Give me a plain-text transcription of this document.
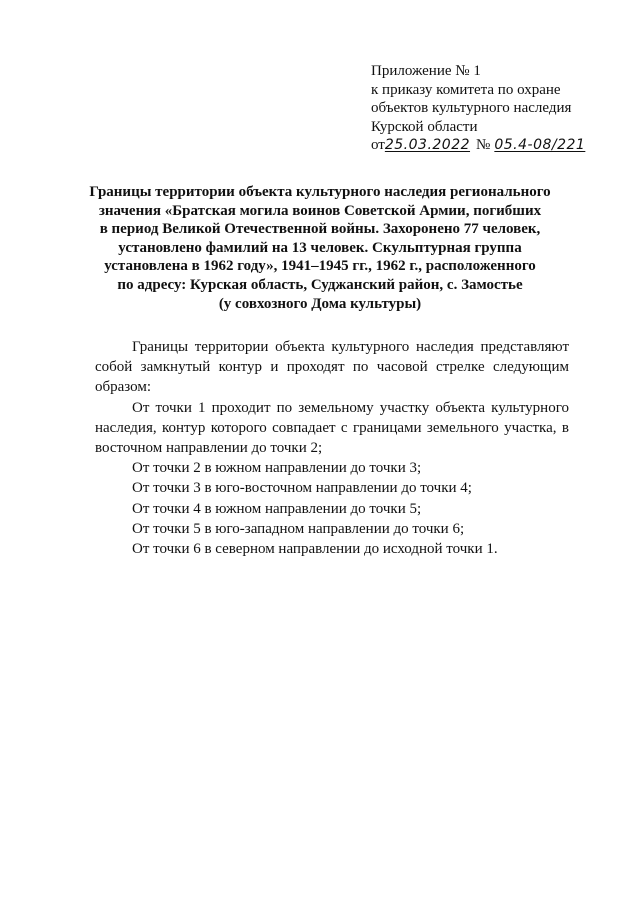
Приложение № 1
к приказу комитета по охране
объектов культурного наследия
Курской области
от25.03.2022 № 05.4-08/221
Границы территории объекта культурного наследия регионального
значения «Братская могила воинов Советской Армии, погибших
в период Великой Отечественной войны. Захоронено 77 человек,
установлено фамилий на 13 человек. Скульптурная группа
установлена в 1962 году», 1941–1945 гг., 1962 г., расположенного
по адресу: Курская область, Суджанский район, с. Замостье
(у совхозного Дома культуры)

Границы территории объекта культурного наследия представляют собой замкнутый контур и проходят по часовой стрелке следующим образом:

От точки 1 проходит по земельному участку объекта культурного наследия, контур которого совпадает с границами земельного участка, в восточном направлении до точки 2;

От точки 2 в южном направлении до точки 3;

От точки 3 в юго-восточном направлении до точки 4;

От точки 4 в южном направлении до точки 5;

От точки 5 в юго-западном направлении до точки 6;

От точки 6 в северном направлении до исходной точки 1.
